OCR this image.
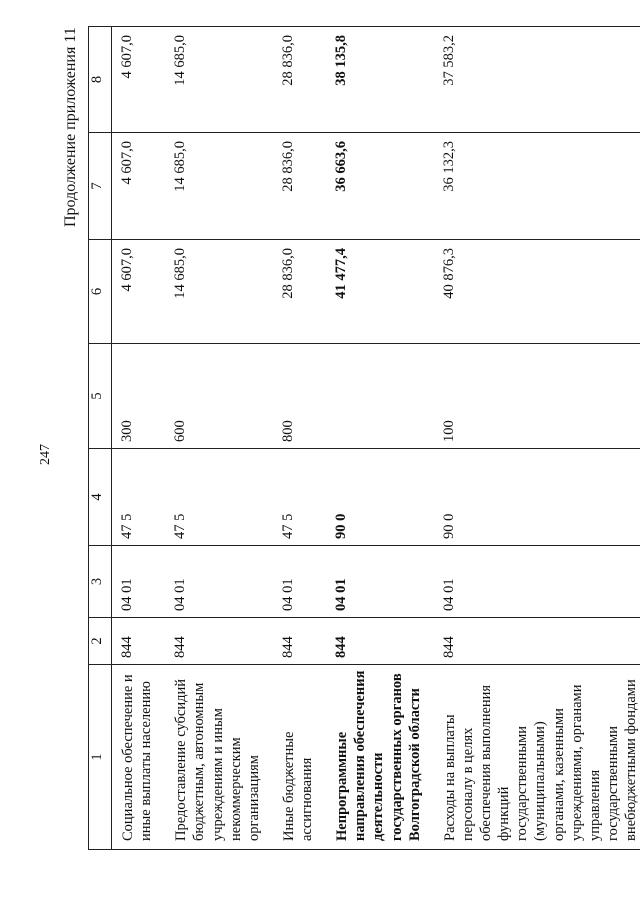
247
Продолжение приложения 11
1	2	3	4	5	6	7	8
Социальное обеспечение и иные выплаты населению	844	04 01	47 5	300	4 607,0	4 607,0	4 607,0
Предоставление субсидий бюджетным, автономным учреждениям и иным некоммерческим организациям	844	04 01	47 5	600	14 685,0	14 685,0	14 685,0
Иные бюджетные ассигнования	844	04 01	47 5	800	28 836,0	28 836,0	28 836,0
Непрограммные направления обеспечения деятельности государственных органов Волгоградской области	844	04 01	90 0		41 477,4	36 663,6	38 135,8
Расходы на выплаты персоналу в целях обеспечения выполнения функций государственными (муниципальными) органами, казенными учреждениями, органами управления государственными внебюджетными фондами	844	04 01	90 0	100	40 876,3	36 132,3	37 583,2
